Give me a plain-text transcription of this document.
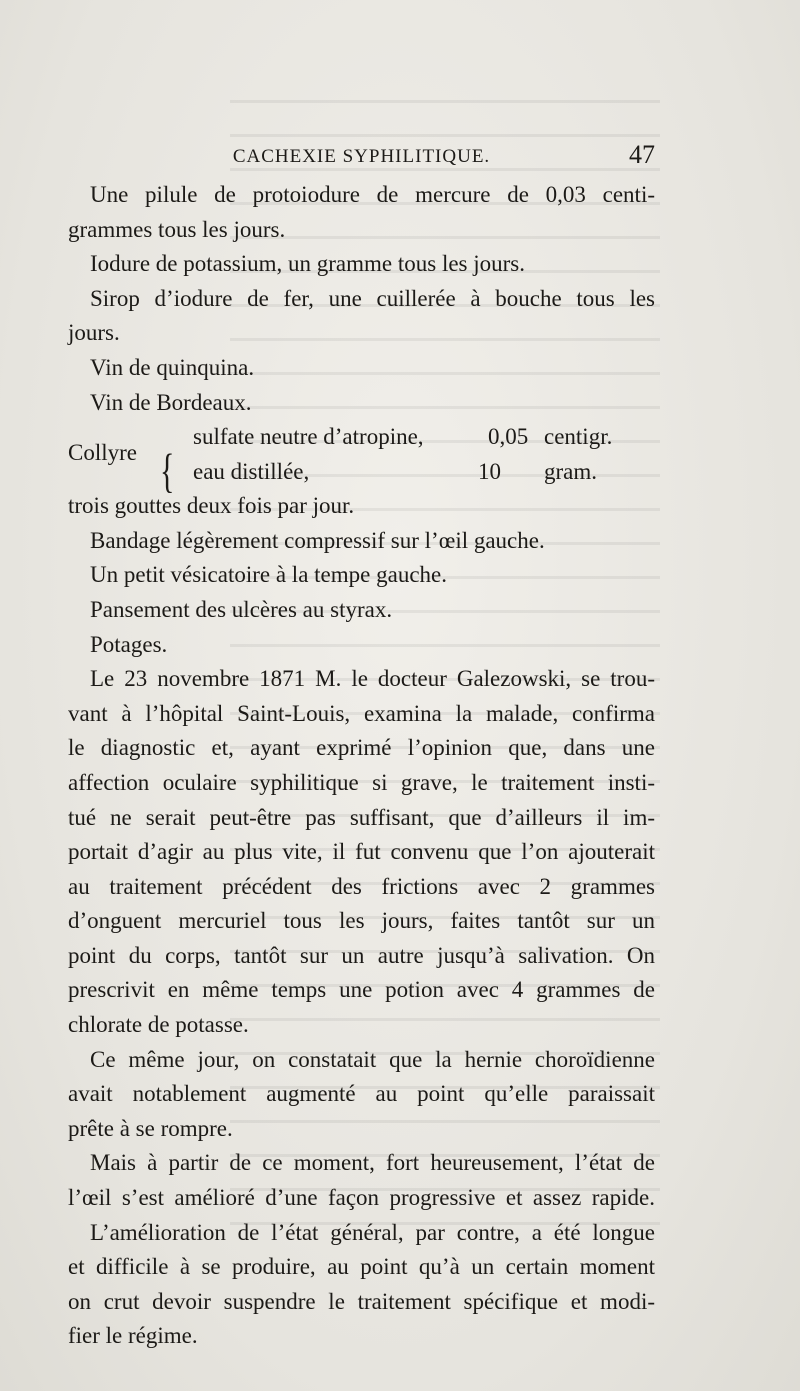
CACHEXIE SYPHILITIQUE.	47
Une pilule de protoiodure de mercure de 0,03 centi-
grammes tous les jours.
Iodure de potassium, un gramme tous les jours.
Sirop d’iodure de fer, une cuillerée à bouche tous les
jours.
Vin de quinquina.
Vin de Bordeaux.
Collyre {
sulfate neutre d’atropine,	0,05 centigr.
eau distillée,	10 gram.
trois gouttes deux fois par jour.
Bandage légèrement compressif sur l’œil gauche.
Un petit vésicatoire à la tempe gauche.
Pansement des ulcères au styrax.
Potages.
Le 23 novembre 1871 M. le docteur Galezowski, se trou-
vant à l’hôpital Saint-Louis, examina la malade, confirma
le diagnostic et, ayant exprimé l’opinion que, dans une
affection oculaire syphilitique si grave, le traitement insti-
tué ne serait peut-être pas suffisant, que d’ailleurs il im-
portait d’agir au plus vite, il fut convenu que l’on ajouterait
au traitement précédent des frictions avec 2 grammes
d’onguent mercuriel tous les jours, faites tantôt sur un
point du corps, tantôt sur un autre jusqu’à salivation. On
prescrivit en même temps une potion avec 4 grammes de
chlorate de potasse.
Ce même jour, on constatait que la hernie choroïdienne
avait notablement augmenté au point qu’elle paraissait
prête à se rompre.
Mais à partir de ce moment, fort heureusement, l’état de
l’œil s’est amélioré d’une façon progressive et assez rapide.
L’amélioration de l’état général, par contre, a été longue
et difficile à se produire, au point qu’à un certain moment
on crut devoir suspendre le traitement spécifique et modi-
fier le régime.
